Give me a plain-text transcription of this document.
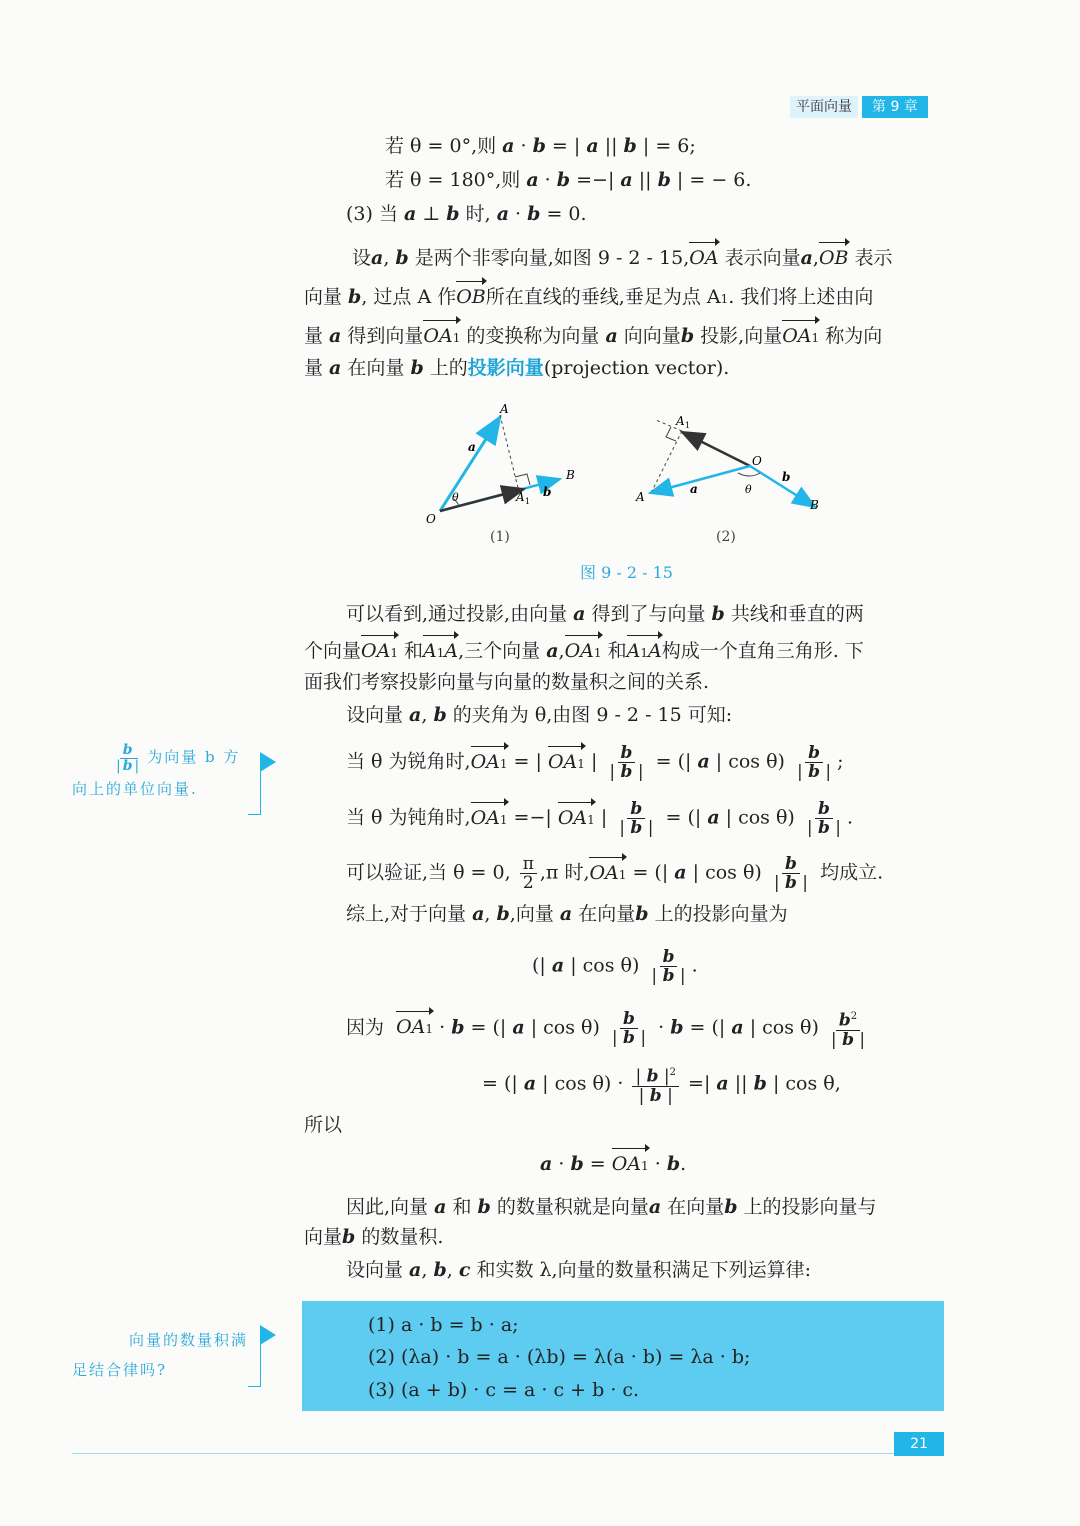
平面向量	第 9 章
若 θ = 0°,则 a · b = | a || b | = 6;
若 θ = 180°,则 a · b =−| a || b | = − 6.
(3) 当 a ⊥ b 时, a · b = 0.
设a, b 是两个非零向量,如图 9 - 2 - 15,OA 表示向量a,OB 表示
向量 b, 过点 A 作OB所在直线的垂线,垂足为点 A1. 我们将上述由向
量 a 得到向量OA1 的变换称为向量 a 向向量b 投影,向量OA1 称为向
量 a 在向量 b 上的投影向量(projection vector).
A
a
B
b
A 1
θ
O
A 1
O
b
B
a	θ
A
(1)	(2)
图 9 - 2 - 15
可以看到,通过投影,由向量 a 得到了与向量 b 共线和垂直的两
个向量OA1 和A1A,三个向量 a,OA1 和A1A构成一个直角三角形. 下
面我们考察投影向量与向量的数量积之间的关系.
设向量 a, b 的夹角为 θ,由图 9 - 2 - 15 可知:
$\frac{b}{|b|}$ 为向量 b 方
向上的单位向量.
当 θ 为锐角时,OA1 = | OA1 | $\frac{b}{| b |}$ = (| a | $\cos \theta) \frac{b}{| b |}$ ;
当 θ 为钝角时,OA1 =−| OA1 | $\frac{b}{| b |}$ = (| a | $\cos \theta) \frac{b}{| b |}$ .
可以验证,当 θ = 0, $\frac{\pi}{2} ,\pi$ 时,OA1 = (| a | $\cos \theta) \frac{b}{| b |}$ 均成立.
综上,对于向量 a, b,向量 a 在向量b 上的投影向量为
(| a | $\cos \theta) \frac{b}{| b |}$ .
因为 OA1 · b = (| a | $\cos \theta) \frac{b}{| b |} \cdot b$ = (| a | $\cos \theta) \frac{b^2}{| b |}$
= (| a | $\cos \theta) \cdot \frac{| b |^2}{| b |}$ =| a || b | cos θ,
所以
a · b = OA1 · b.
因此,向量 a 和 b 的数量积就是向量a 在向量b 上的投影向量与
向量b 的数量积.
设向量 a, b, c 和实数 λ,向量的数量积满足下列运算律:
向量的数量积满

足结合律吗?
(1) a · b = b · a;
(2) (λa) · b = a · (λb) = λ(a · b) = λa · b;
(3) (a + b) · c = a · c + b · c.
21
